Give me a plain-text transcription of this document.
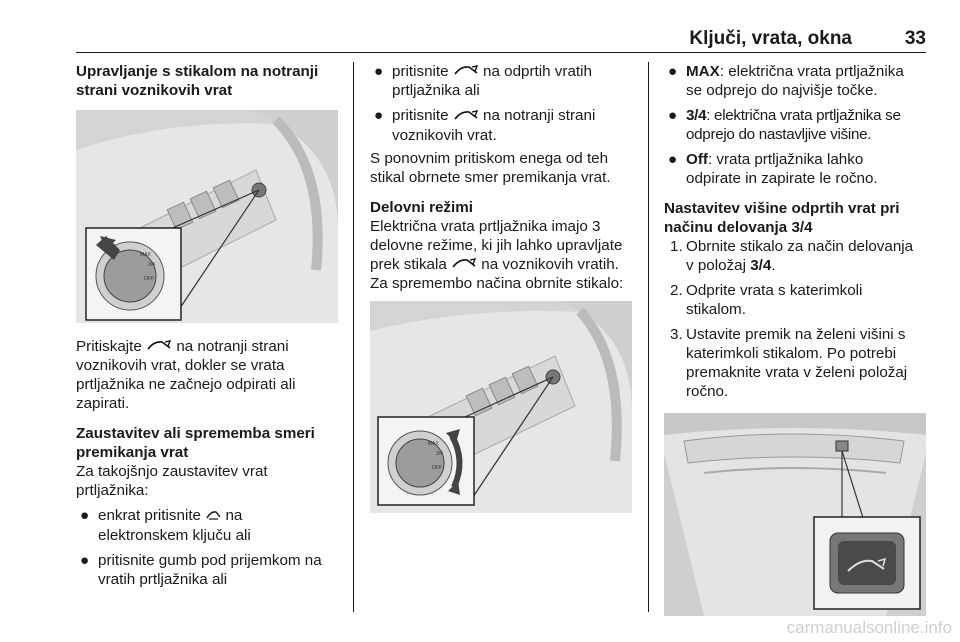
Ključi, vrata, okna	33

Upravljanje s stikalom na notranji
strani voznikovih vrat

MAX
3/4
OFF

Pritiskajte na notranji strani
voznikovih vrat, dokler se vrata
prtljažnika ne začnejo odpirati ali
zapirati.

Zaustavitev ali sprememba smeri
premikanja vrat

Za takojšnjo zaustavitev vrat
prtljažnika:

● enkrat pritisnite na
elektronskem ključu ali

● pritisnite gumb pod prijemkom na
vratih prtljažnika ali

● pritisnite na odprtih vratih
prtljažnika ali

● pritisnite na notranji strani
voznikovih vrat.

S ponovnim pritiskom enega od teh
stikal obrnete smer premikanja vrat.

Delovni režimi

Električna vrata prtljažnika imajo 3
delovne režime, ki jih lahko upravljate
prek stikala na voznikovih vratih.
Za spremembo načina obrnite stikalo:

MAX
3/4
OFF

● MAX: električna vrata prtljažnika
se odprejo do najvišje točke.

● 3/4: električna vrata prtljažnika se
odprejo do nastavljive višine.

● Off: vrata prtljažnika lahko
odpirate in zapirate le ročno.

Nastavitev višine odprtih vrat pri
načinu delovanja 3/4

1. Obrnite stikalo za način delovanja
v položaj 3/4.

2. Odprite vrata s katerimkoli
stikalom.

3. Ustavite premik na želeni višini s
katerimkoli stikalom. Po potrebi
premaknite vrata v želeni položaj
ročno.

carmanualsonline.info
